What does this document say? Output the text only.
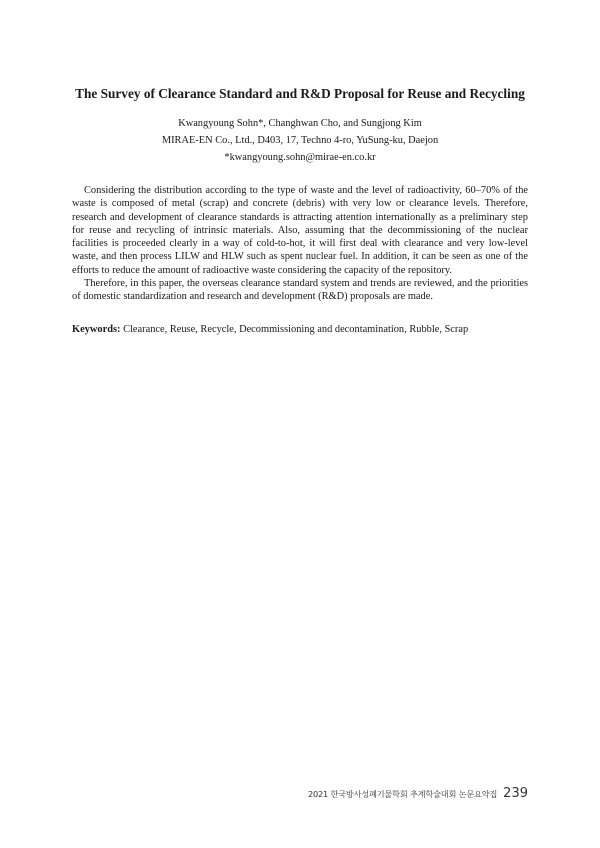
The Survey of Clearance Standard and R&D Proposal for Reuse and Recycling
Kwangyoung Sohn*, Changhwan Cho, and Sungjong Kim
MIRAE-EN Co., Ltd., D403, 17, Techno 4-ro, YuSung-ku, Daejon
*kwangyoung.sohn@mirae-en.co.kr

Considering the distribution according to the type of waste and the level of radioactivity, 60–70% of the waste is composed of metal (scrap) and concrete (debris) with very low or clearance levels. Therefore, research and development of clearance standards is attracting attention internationally as a preliminary step for reuse and recycling of intrinsic materials. Also, assuming that the decommissioning of the nuclear facilities is proceeded clearly in a way of cold-to-hot, it will first deal with clearance and very low-level waste, and then process LILW and HLW such as spent nuclear fuel. In addition, it can be seen as one of the efforts to reduce the amount of radioactive waste considering the capacity of the repository.

Therefore, in this paper, the overseas clearance standard system and trends are reviewed, and the priorities of domestic standardization and research and development (R&D) proposals are made.

Keywords: Clearance, Reuse, Recycle, Decommissioning and decontamination, Rubble, Scrap
2021 한국방사성폐기물학회 추계학술대회 논문요약집 239
